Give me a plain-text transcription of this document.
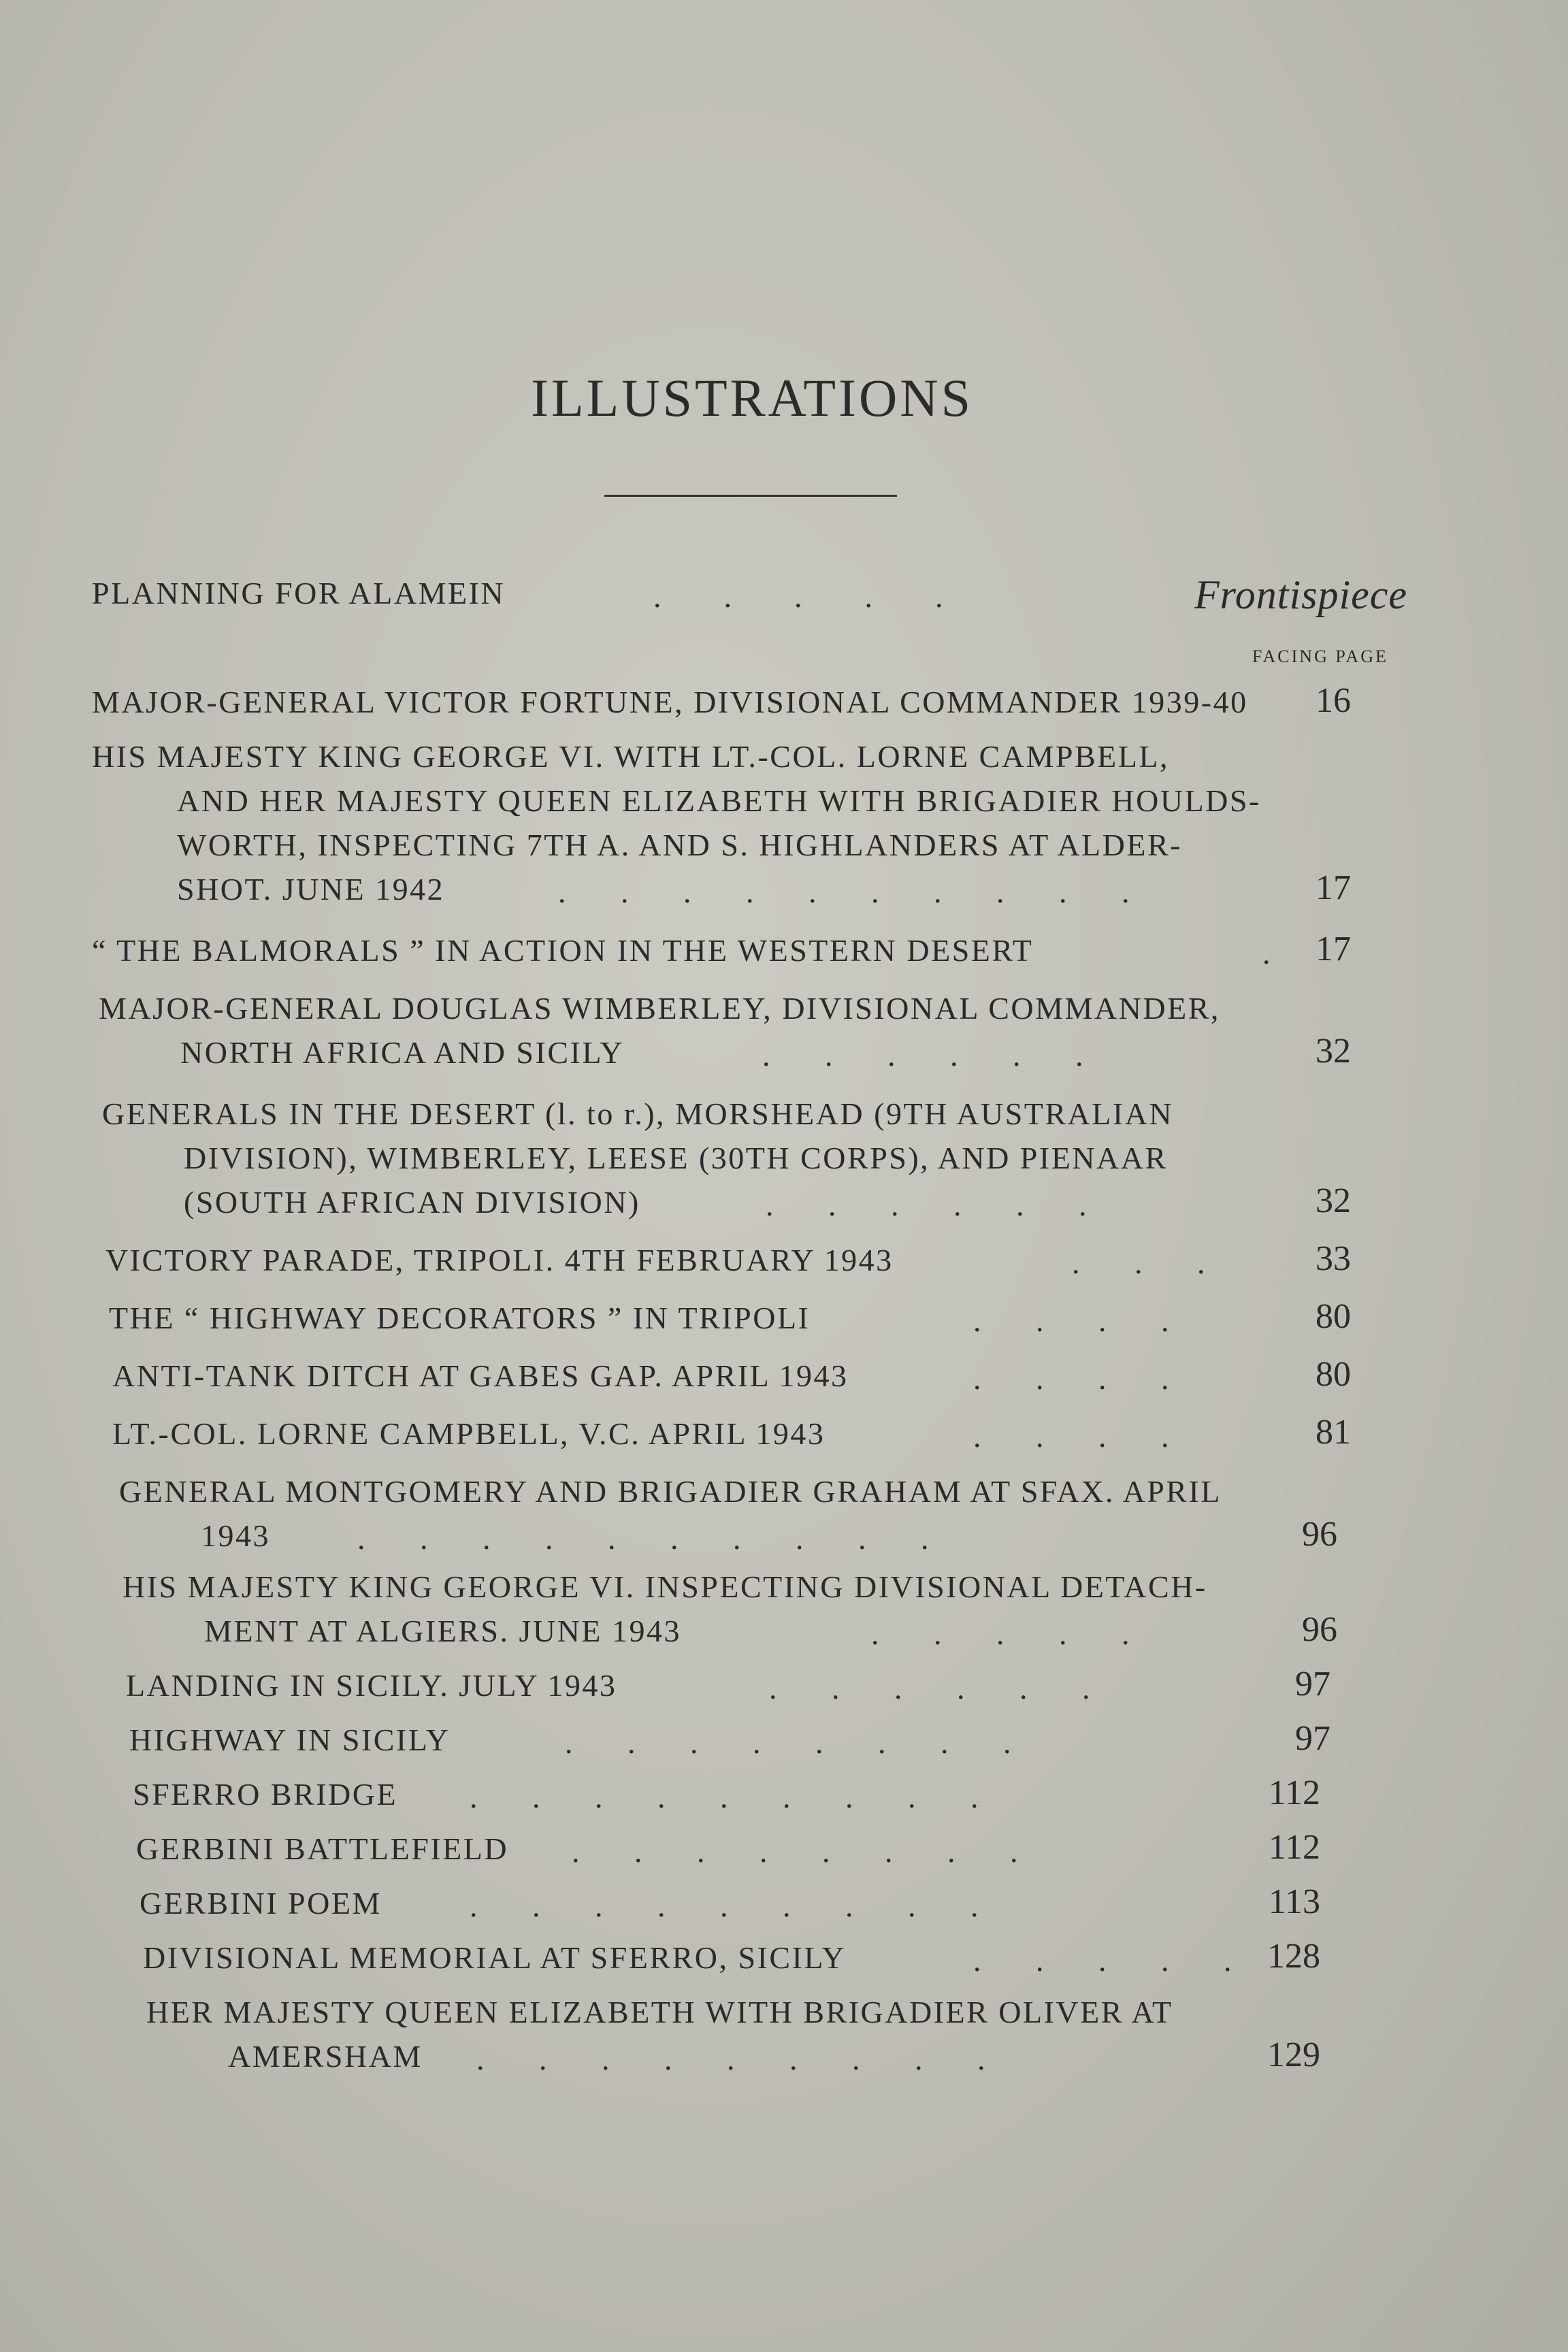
ILLUSTRATIONS
PLANNING FOR ALAMEIN	.        .        .        .        .	Frontispiece
FACING PAGE
MAJOR-GENERAL VICTOR FORTUNE, DIVISIONAL COMMANDER 1939-40	16
HIS MAJESTY KING GEORGE VI. WITH LT.-COL. LORNE CAMPBELL,
AND HER MAJESTY QUEEN ELIZABETH WITH BRIGADIER HOULDS-
WORTH, INSPECTING 7TH A. AND S. HIGHLANDERS AT ALDER-
SHOT. JUNE 1942	.       .       .       .       .       .       .       .       .       .	17
“ THE BALMORALS ” IN ACTION IN THE WESTERN DESERT	.	17
MAJOR-GENERAL DOUGLAS WIMBERLEY, DIVISIONAL COMMANDER,
NORTH AFRICA AND SICILY	.       .       .       .       .       .	32
GENERALS IN THE DESERT (l. to r.), MORSHEAD (9TH AUSTRALIAN
DIVISION), WIMBERLEY, LEESE (30TH CORPS), AND PIENAAR
(SOUTH AFRICAN DIVISION)	.       .       .       .       .       .	32
VICTORY PARADE, TRIPOLI. 4TH FEBRUARY 1943	.       .       .	33
THE “ HIGHWAY DECORATORS ” IN TRIPOLI	.       .       .       .	80
ANTI-TANK DITCH AT GABES GAP. APRIL 1943	.       .       .       .	80
LT.-COL. LORNE CAMPBELL, V.C. APRIL 1943	.       .       .       .	81
GENERAL MONTGOMERY AND BRIGADIER GRAHAM AT SFAX. APRIL
1943	.       .       .       .       .       .       .       .       .       .	96
HIS MAJESTY KING GEORGE VI. INSPECTING DIVISIONAL DETACH-
MENT AT ALGIERS. JUNE 1943	.       .       .       .       .	96
LANDING IN SICILY. JULY 1943	.       .       .       .       .       .	97
HIGHWAY IN SICILY	.       .       .       .       .       .       .       .	97
SFERRO BRIDGE .       .       .       .       .       .       .       .       .	112
GERBINI BATTLEFIELD .       .       .       .       .       .       .       .	112
GERBINI POEM	.       .       .       .       .       .       .       .       .	113
DIVISIONAL MEMORIAL AT SFERRO, SICILY	.       .       .       .       .	128
HER MAJESTY QUEEN ELIZABETH WITH BRIGADIER OLIVER AT
AMERSHAM .       .       .       .       .       .       .       .       .	129
